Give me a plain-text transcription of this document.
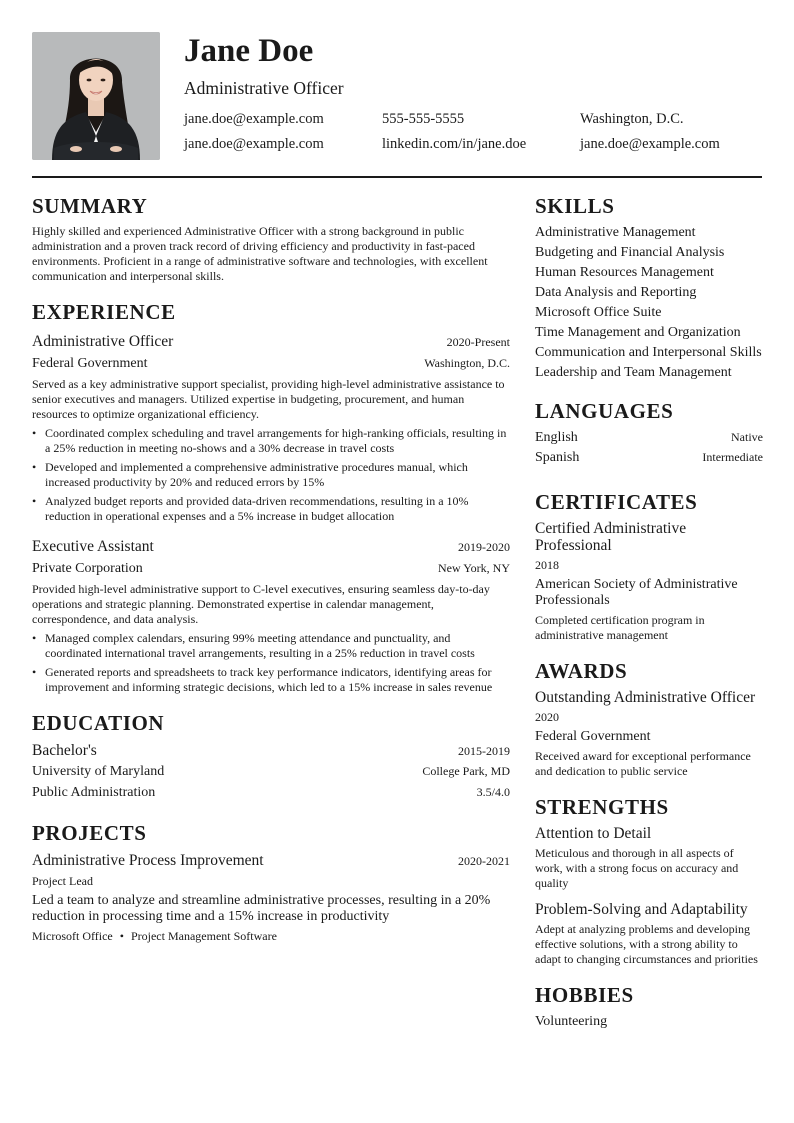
Jane Doe
Administrative Officer
jane.doe@example.com	555-555-5555	Washington, D.C.
jane.doe@example.com	linkedin.com/in/jane.doe	jane.doe@example.com
SUMMARY

Highly skilled and experienced Administrative Officer with a strong background in public administration and a proven track record of driving efficiency and productivity in fast-paced environments. Proficient in a range of administrative software and technologies, with excellent communication and interpersonal skills.

EXPERIENCE
Administrative Officer	2020-Present
Federal Government	Washington, D.C.

Served as a key administrative support specialist, providing high-level administrative assistance to senior executives and managers. Utilized expertise in budgeting, procurement, and human resources to optimize organizational efficiency.

• Coordinated complex scheduling and travel arrangements for high-ranking officials, resulting in a 25% reduction in meeting no-shows and a 30% decrease in travel costs
• Developed and implemented a comprehensive administrative procedures manual, which increased productivity by 20% and reduced errors by 15%
• Analyzed budget reports and provided data-driven recommendations, resulting in a 10% reduction in operational expenses and a 5% increase in budget allocation
Executive Assistant	2019-2020
Private Corporation	New York, NY

Provided high-level administrative support to C-level executives, ensuring seamless day-to-day operations and strategic planning. Demonstrated expertise in calendar management, correspondence, and data analysis.

• Managed complex calendars, ensuring 99% meeting attendance and punctuality, and coordinated international travel arrangements, resulting in a 25% reduction in travel costs
• Generated reports and spreadsheets to track key performance indicators, identifying areas for improvement and informing strategic decisions, which led to a 15% increase in sales revenue
EDUCATION
Bachelor's	2015-2019
University of Maryland	College Park, MD
Public Administration	3.5/4.0
PROJECTS
Administrative Process Improvement	2020-2021
Project Lead

Led a team to analyze and streamline administrative processes, resulting in a 20% reduction in processing time and a 15% increase in productivity

Microsoft Office • Project Management Software
SKILLS
Administrative Management
Budgeting and Financial Analysis
Human Resources Management
Data Analysis and Reporting
Microsoft Office Suite
Time Management and Organization
Communication and Interpersonal Skills
Leadership and Team Management
LANGUAGES
English	Native
Spanish	Intermediate
CERTIFICATES
Certified Administrative Professional
2018
American Society of Administrative Professionals
Completed certification program in administrative management
AWARDS
Outstanding Administrative Officer
2020
Federal Government
Received award for exceptional performance and dedication to public service
STRENGTHS
Attention to Detail
Meticulous and thorough in all aspects of work, with a strong focus on accuracy and quality
Problem-Solving and Adaptability
Adept at analyzing problems and developing effective solutions, with a strong ability to adapt to changing circumstances and priorities
HOBBIES
Volunteering
